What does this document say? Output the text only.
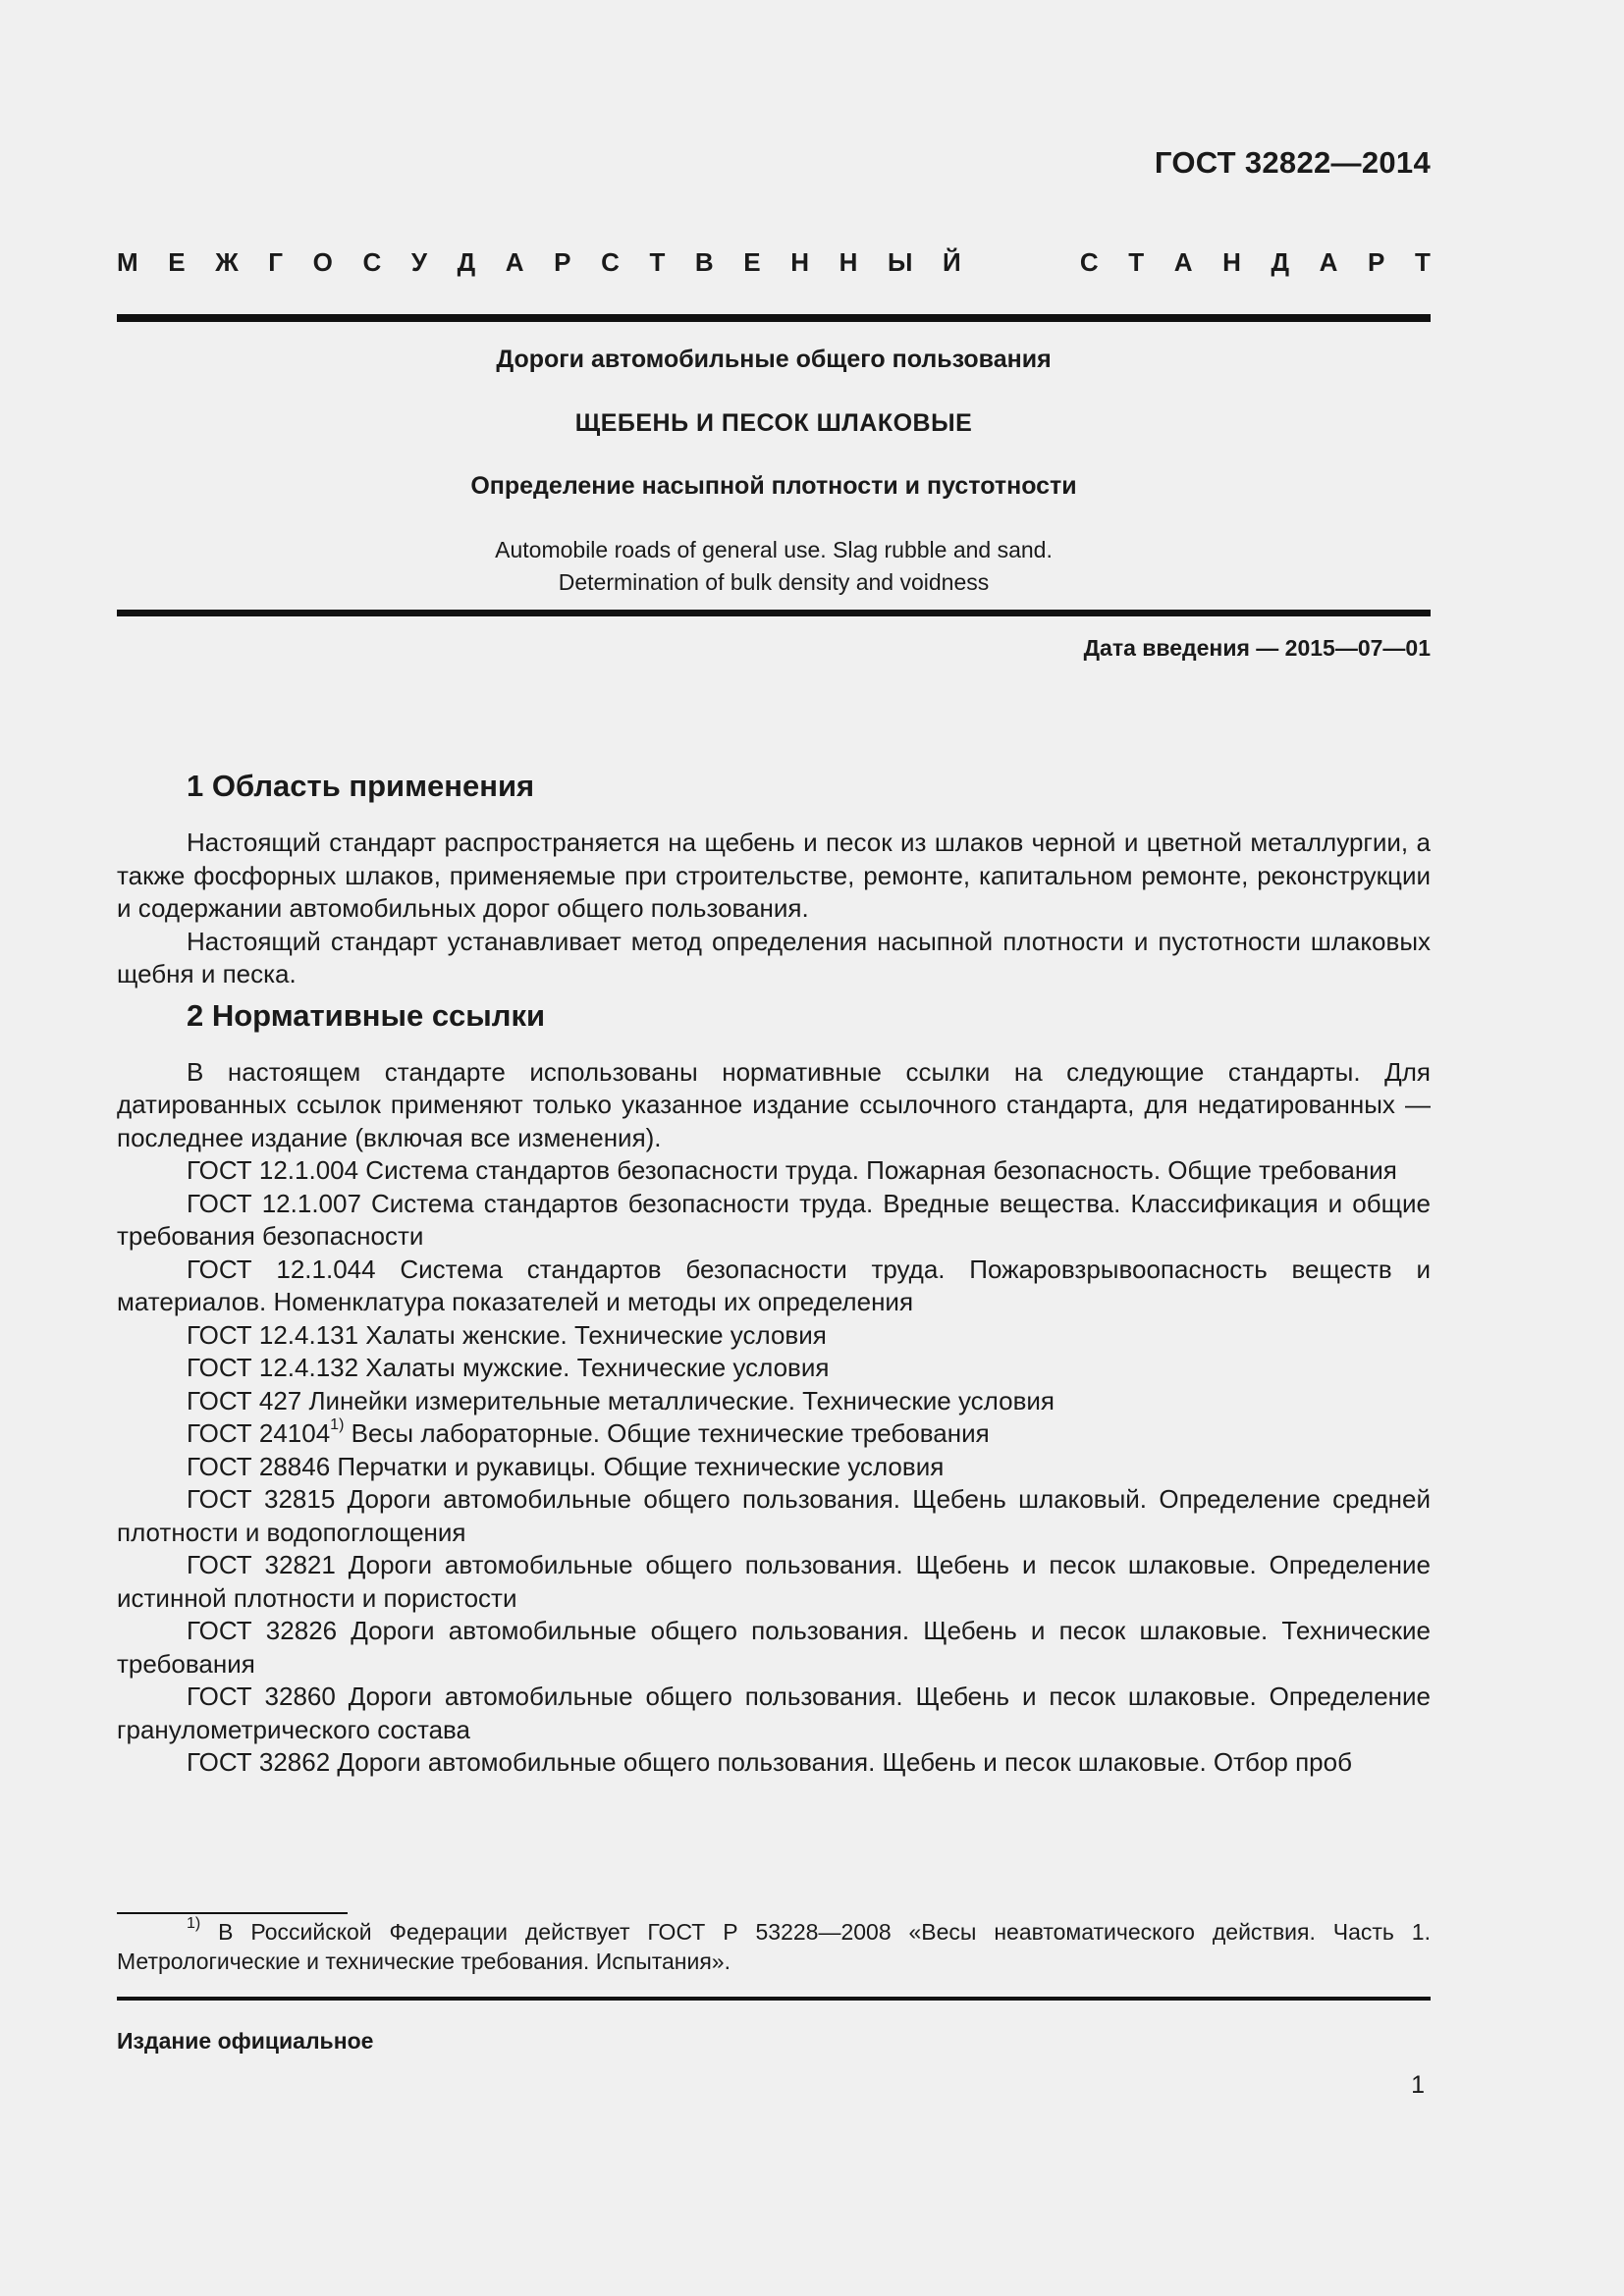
ГОСТ 32822—2014
М Е Ж Г О С У Д А Р С Т В Е Н Н Ы Й	С Т А Н Д А Р Т
Дороги автомобильные общего пользования
ЩЕБЕНЬ И ПЕСОК ШЛАКОВЫЕ
Определение насыпной плотности и пустотности
Automobile roads of general use. Slag rubble and sand.
Determination of bulk density and voidness
Дата введения — 2015—07—01
1 Область применения

Настоящий стандарт распространяется на щебень и песок из шлаков черной и цветной металлургии, а также фосфорных шлаков, применяемые при строительстве, ремонте, капитальном ремонте, реконструкции и содержании автомобильных дорог общего пользования.

Настоящий стандарт устанавливает метод определения насыпной плотности и пустотности шлаковых щебня и песка.

2 Нормативные ссылки

В настоящем стандарте использованы нормативные ссылки на следующие стандарты. Для датированных ссылок применяют только указанное издание ссылочного стандарта, для недатированных — последнее издание (включая все изменения).

ГОСТ 12.1.004 Система стандартов безопасности труда. Пожарная безопасность. Общие требования

ГОСТ 12.1.007 Система стандартов безопасности труда. Вредные вещества. Классификация и общие требования безопасности

ГОСТ 12.1.044 Система стандартов безопасности труда. Пожаровзрывоопасность веществ и материалов. Номенклатура показателей и методы их определения

ГОСТ 12.4.131 Халаты женские. Технические условия

ГОСТ 12.4.132 Халаты мужские. Технические условия

ГОСТ 427 Линейки измерительные металлические. Технические условия

ГОСТ 24104$^{1)}$ Весы лабораторные. Общие технические требования

ГОСТ 28846 Перчатки и рукавицы. Общие технические условия

ГОСТ 32815 Дороги автомобильные общего пользования. Щебень шлаковый. Определение средней плотности и водопоглощения

ГОСТ 32821 Дороги автомобильные общего пользования. Щебень и песок шлаковые. Определение истинной плотности и пористости

ГОСТ 32826 Дороги автомобильные общего пользования. Щебень и песок шлаковые. Технические требования

ГОСТ 32860 Дороги автомобильные общего пользования. Щебень и песок шлаковые. Определение гранулометрического состава

ГОСТ 32862 Дороги автомобильные общего пользования. Щебень и песок шлаковые. Отбор проб

$^{1)}$ В Российской Федерации действует ГОСТ Р 53228—2008 «Весы неавтоматического действия. Часть 1. Метрологические и технические требования. Испытания».

Издание официальное
1
